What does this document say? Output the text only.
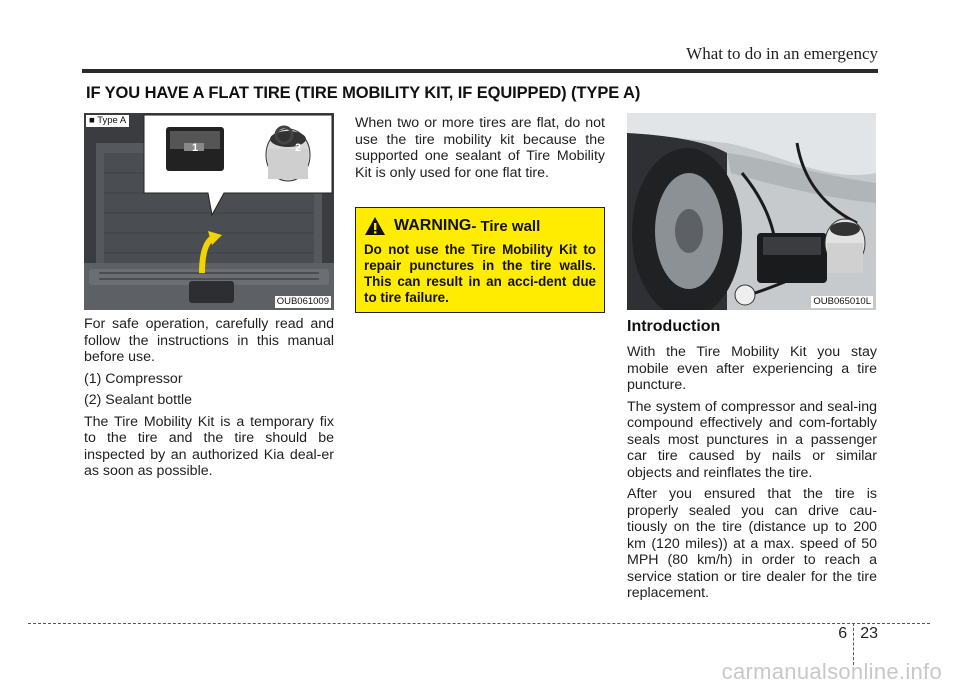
What to do in an emergency
IF YOU HAVE A FLAT TIRE (TIRE MOBILITY KIT, IF EQUIPPED) (TYPE A)
1	2
■ Type A
OUB061009

For safe operation, carefully read and follow the instructions in this manual before use.

(1) Compressor

(2) Sealant bottle

The Tire Mobility Kit is a temporary fix to the tire and the tire should be inspected by an authorized Kia deal-er as soon as possible.

When two or more tires are flat, do not use the tire mobility kit because the supported one sealant of Tire Mobility Kit is only used for one flat tire.

WARNING - Tire wall
Do not use the Tire Mobility Kit to repair punctures in the tire walls. This can result in an acci-dent due to tire failure.	OUB065010L
Introduction

With the Tire Mobility Kit you stay mobile even after experiencing a tire puncture.

The system of compressor and seal-ing compound effectively and com-fortably seals most punctures in a passenger car tire caused by nails or similar objects and reinflates the tire.

After you ensured that the tire is properly sealed you can drive cau-tiously on the tire (distance up to 200 km (120 miles)) at a max. speed of 50 MPH (80 km/h) in order to reach a service station or tire dealer for the tire replacement.

6 23
carmanualsonline.info
